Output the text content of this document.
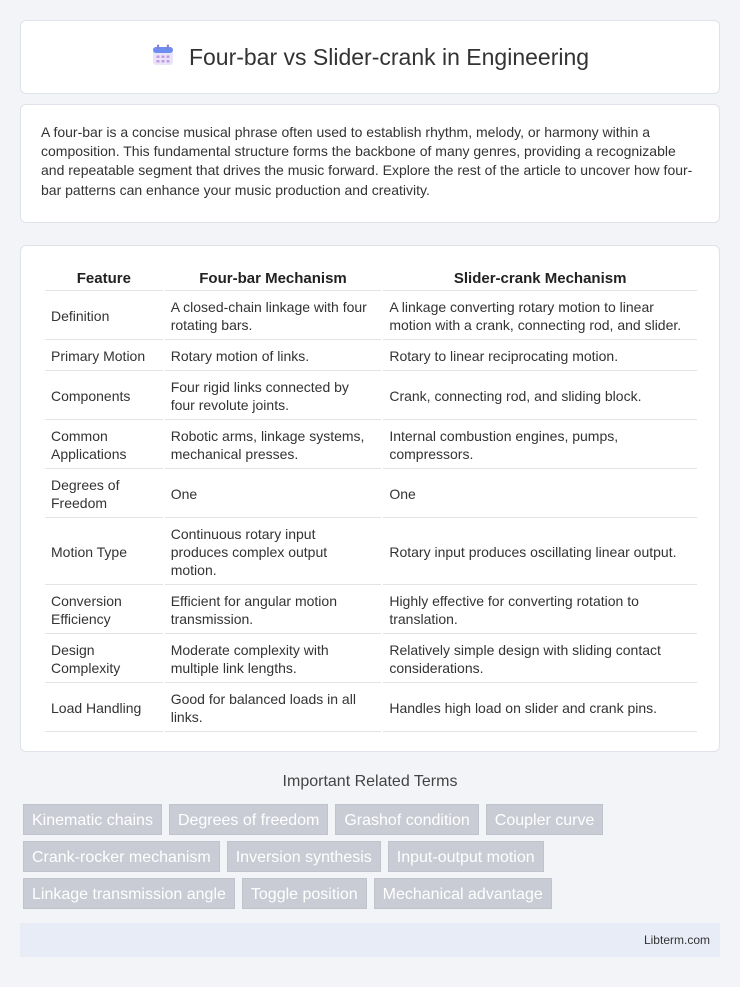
Four-bar vs Slider-crank in Engineering

A four-bar is a concise musical phrase often used to establish rhythm, melody, or harmony within a composition. This fundamental structure forms the backbone of many genres, providing a recognizable and repeatable segment that drives the music forward. Explore the rest of the article to uncover how four-bar patterns can enhance your music production and creativity.

Feature	Four-bar Mechanism	Slider-crank Mechanism
Definition	A closed-chain linkage with four rotating bars.	A linkage converting rotary motion to linear motion with a crank, connecting rod, and slider.
Primary Motion	Rotary motion of links.	Rotary to linear reciprocating motion.
Components	Four rigid links connected by four revolute joints.	Crank, connecting rod, and sliding block.
Common Applications	Robotic arms, linkage systems, mechanical presses.	Internal combustion engines, pumps, compressors.
Degrees of Freedom	One	One
Motion Type	Continuous rotary input produces complex output motion.	Rotary input produces oscillating linear output.
Conversion Efficiency	Efficient for angular motion transmission.	Highly effective for converting rotation to translation.
Design Complexity	Moderate complexity with multiple link lengths.	Relatively simple design with sliding contact considerations.
Load Handling	Good for balanced loads in all links.	Handles high load on slider and crank pins.
Important Related Terms
Kinematic chains	Degrees of freedom	Grashof condition	Coupler curve
Crank-rocker mechanism	Inversion synthesis	Input-output motion
Linkage transmission angle	Toggle position	Mechanical advantage
Libterm.com
